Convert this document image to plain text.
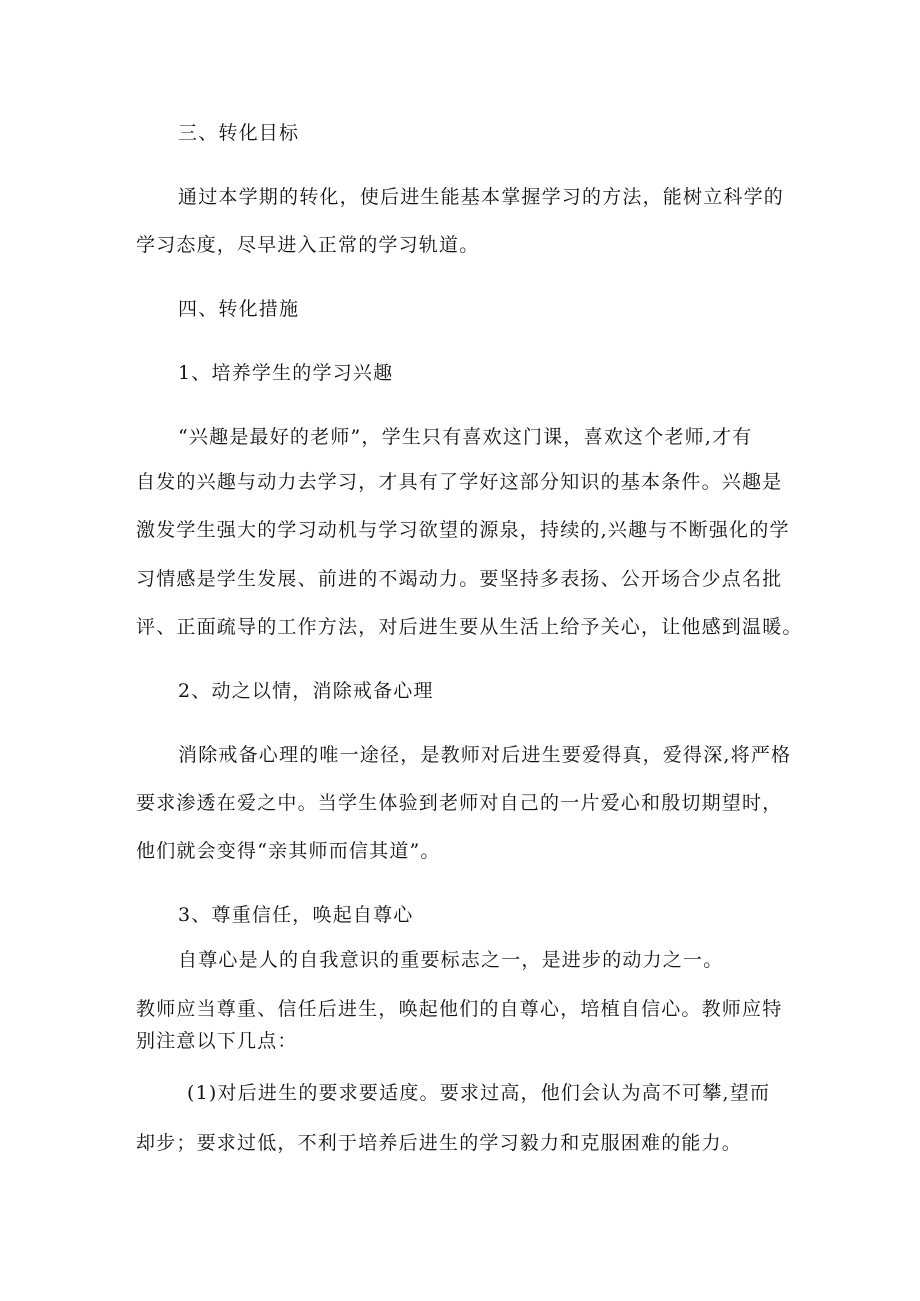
三、转化目标
通过本学期的转化，使后进生能基本掌握学习的方法，能树立科学的
学习态度，尽早进入正常的学习轨道。
四、转化措施
1、培养学生的学习兴趣
“兴趣是最好的老师”，学生只有喜欢这门课，喜欢这个老师,才有
自发的兴趣与动力去学习，才具有了学好这部分知识的基本条件。兴趣是
激发学生强大的学习动机与学习欲望的源泉，持续的,兴趣与不断强化的学
习情感是学生发展、前进的不竭动力。要坚持多表扬、公开场合少点名批
评、正面疏导的工作方法，对后进生要从生活上给予关心，让他感到温暖。
2、动之以情，消除戒备心理
消除戒备心理的唯一途径，是教师对后进生要爱得真，爱得深,将严格
要求渗透在爱之中。当学生体验到老师对自己的一片爱心和殷切期望时，
他们就会变得“亲其师而信其道”。
3、尊重信任，唤起自尊心
自尊心是人的自我意识的重要标志之一，是进步的动力之一。
教师应当尊重、信任后进生，唤起他们的自尊心，培植自信心。教师应特
别注意以下几点：
(1)对后进生的要求要适度。要求过高，他们会认为高不可攀,望而
却步；要求过低，不利于培养后进生的学习毅力和克服困难的能力。
